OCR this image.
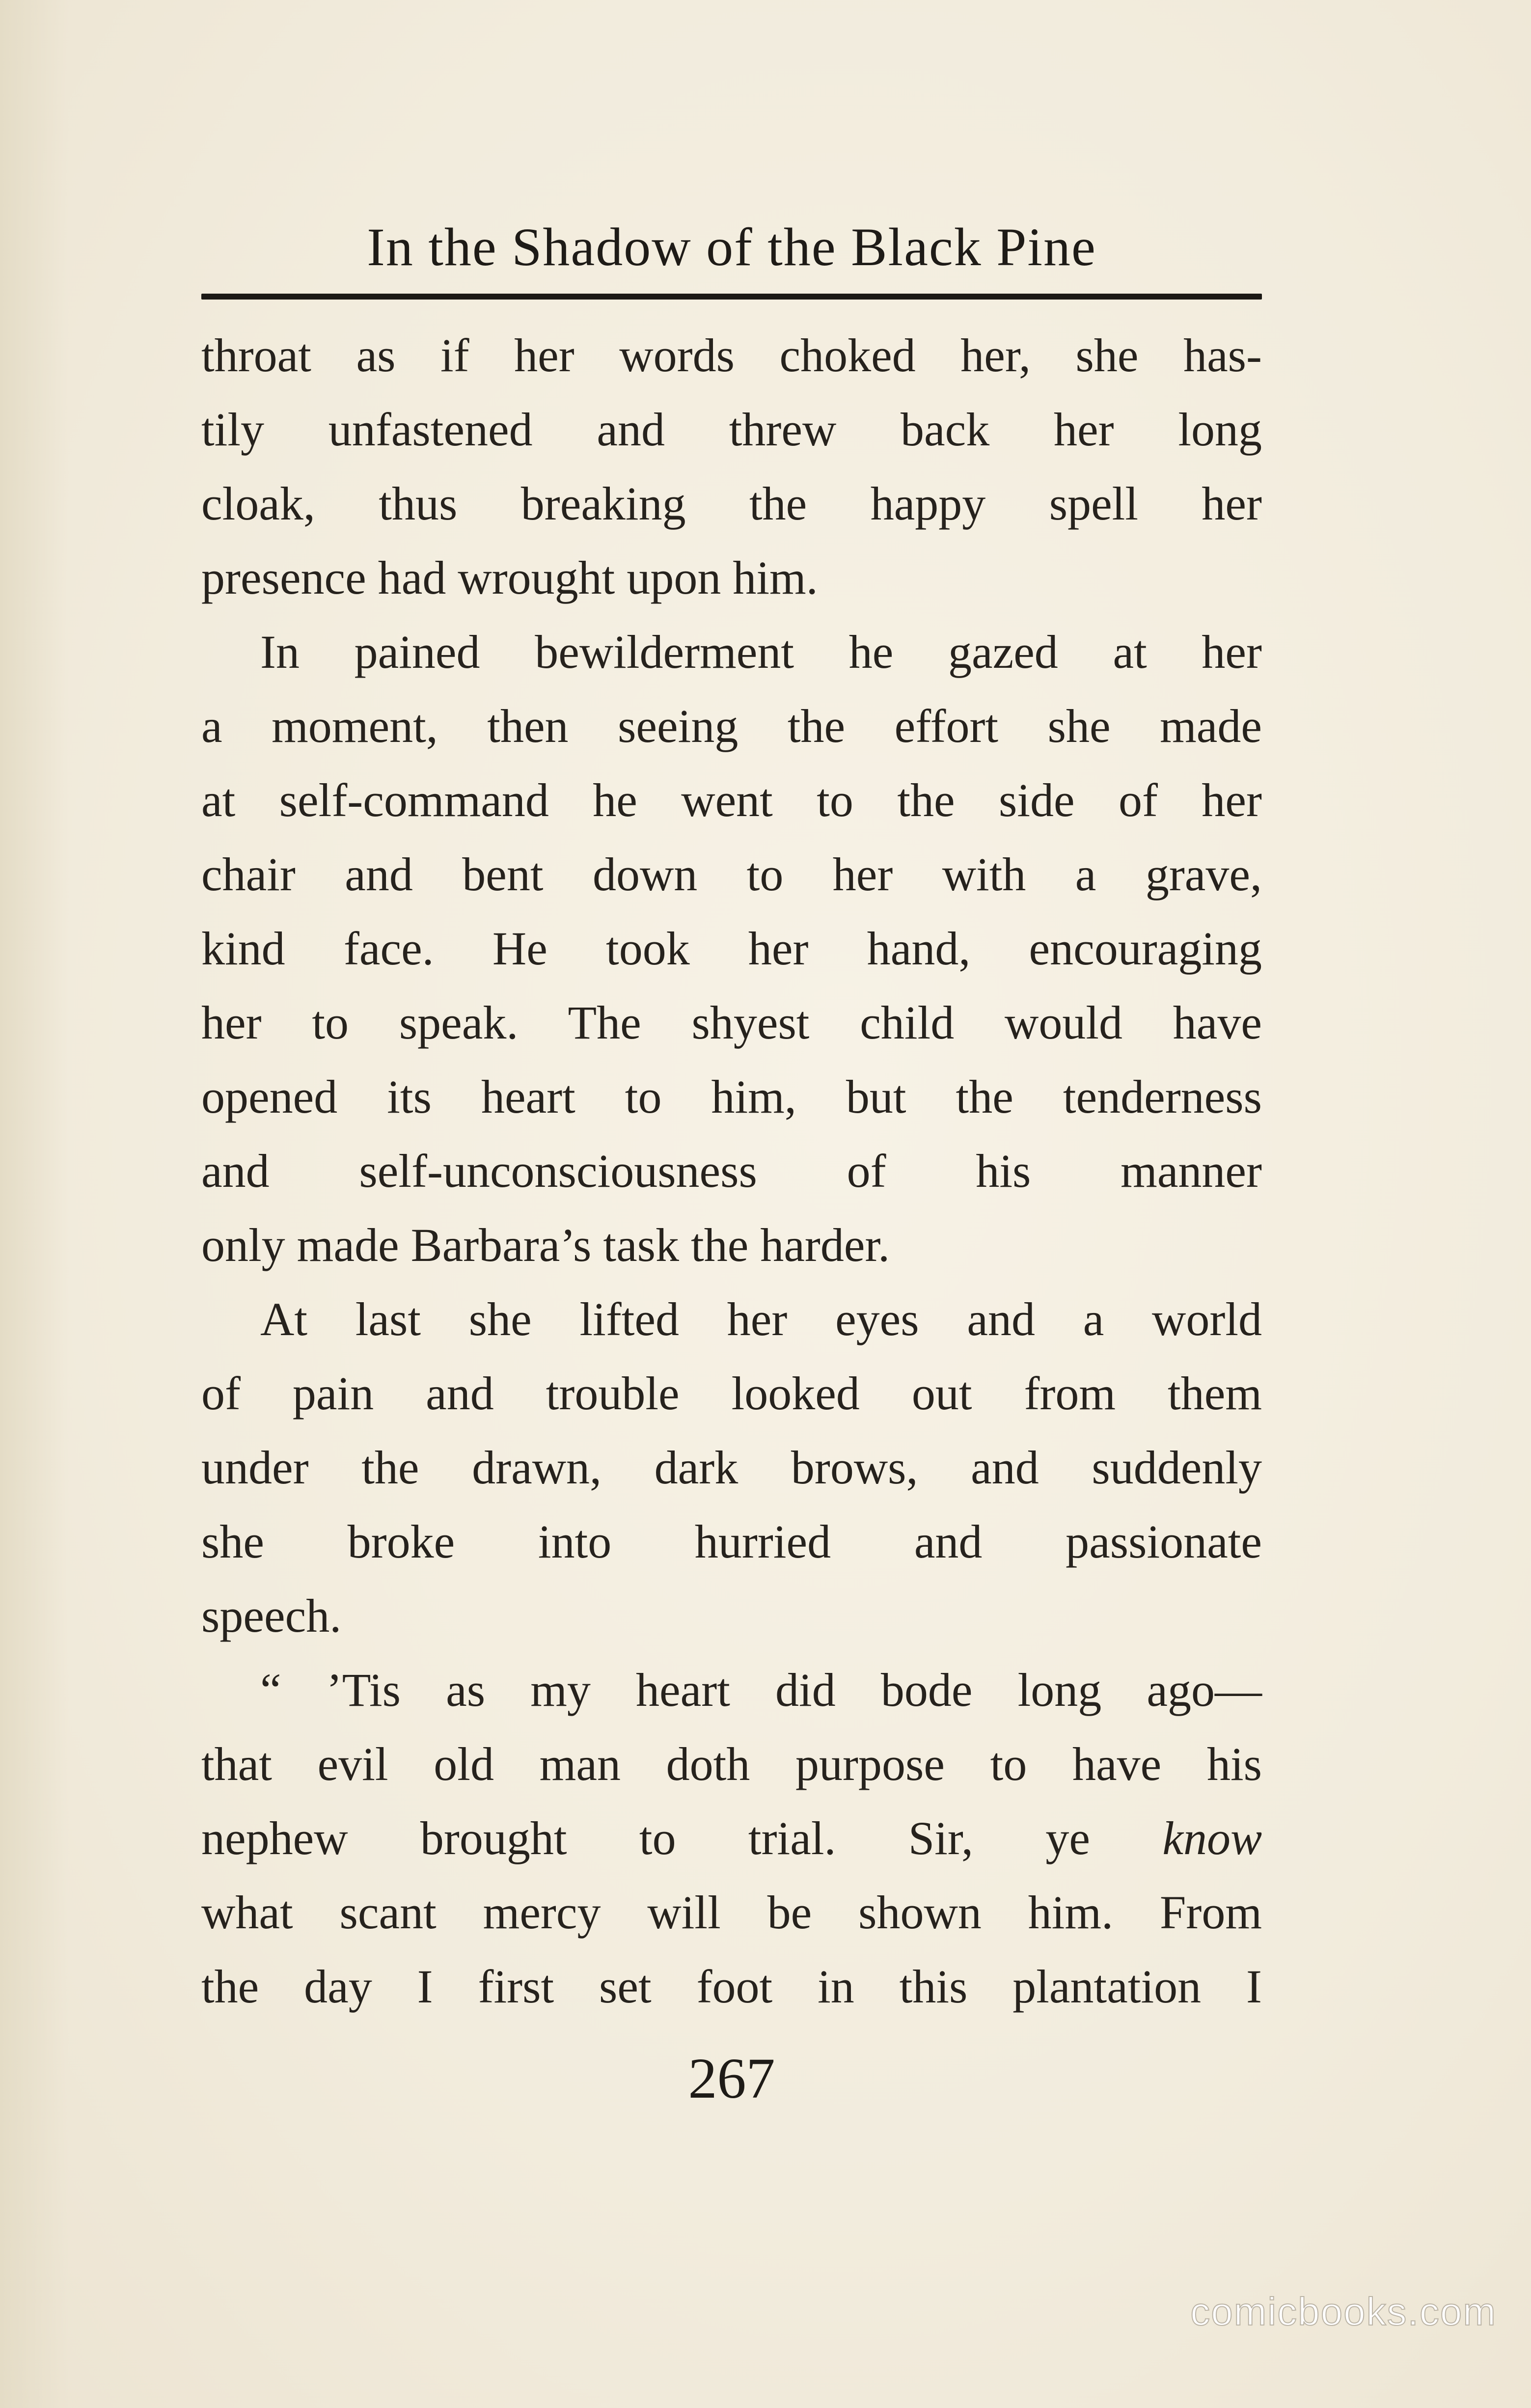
In the Shadow of the Black Pine
throat as if her words choked her, she has-
tily unfastened and threw back her long
cloak, thus breaking the happy spell her
presence had wrought upon him.
In pained bewilderment he gazed at her
a moment, then seeing the effort she made
at self-command he went to the side of her
chair and bent down to her with a grave,
kind face. He took her hand, encouraging
her to speak. The shyest child would have
opened its heart to him, but the tenderness
and self-unconsciousness of his manner
only made Barbara’s task the harder.
At last she lifted her eyes and a world
of pain and trouble looked out from them
under the drawn, dark brows, and suddenly
she broke into hurried and passionate
speech.
“ ’Tis as my heart did bode long ago—
that evil old man doth purpose to have his
nephew brought to trial. Sir, ye know
what scant mercy will be shown him. From
the day I first set foot in this plantation I
267
comicbooks.com
